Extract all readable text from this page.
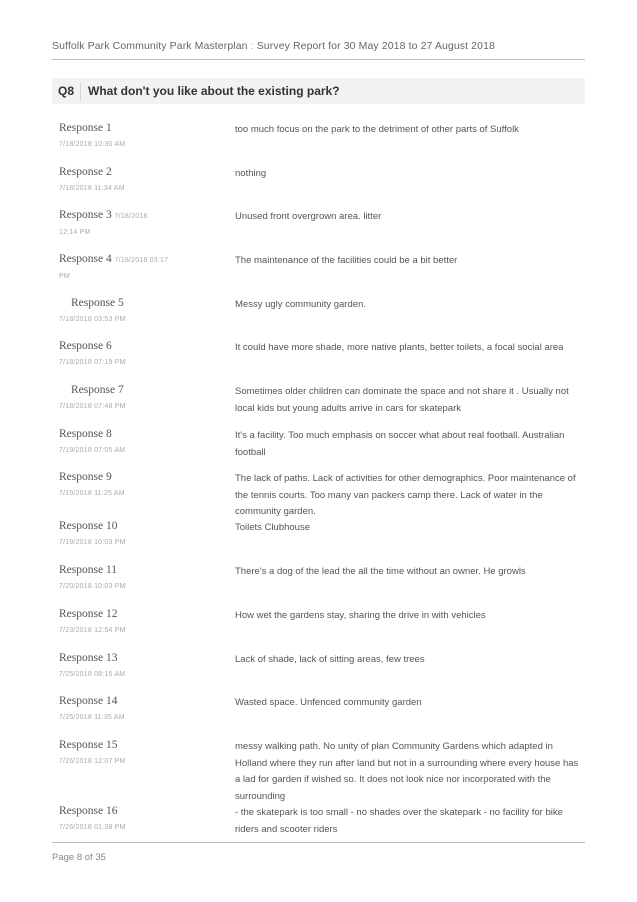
Suffolk Park Community Park Masterplan : Survey Report for 30 May 2018 to 27 August 2018
Q8	What don't you like about the existing park?
Response 1
7/18/2018 10:30 AM
too much focus on the park to the detriment of other parts of Suffolk
Response 2
7/18/2018 11:34 AM
nothing
Response 3 7/18/2018 12:14 PM
Unused front overgrown area. litter
Response 4 7/18/2018 03:17 PM
The maintenance of the facilities could be a bit better
Response 5
7/18/2018 03:53 PM
Messy ugly community garden.
Response 6
7/18/2018 07:19 PM
It could have more shade, more native plants, better toilets, a focal social area
Response 7
7/18/2018 07:48 PM
Sometimes older children can dominate the space and not share it . Usually not local kids but young adults arrive in cars for skatepark
Response 8
7/19/2018 07:05 AM
It's a facility. Too much emphasis on soccer what about real football. Australian football
Response 9
7/19/2018 11:25 AM
The lack of paths. Lack of activities for other demographics. Poor maintenance of the tennis courts. Too many van packers camp there. Lack of water in the community garden.
Response 10
7/19/2018 10:03 PM
Toilets Clubhouse
Response 11
7/20/2018 10:03 PM
There's a dog of the lead the all the time without an owner. He growls
Response 12
7/23/2018 12:54 PM
How wet the gardens stay, sharing the drive in with vehicles
Response 13
7/25/2018 08:16 AM
Lack of shade, lack of sitting areas, few trees
Response 14
7/25/2018 11:35 AM
Wasted space. Unfenced community garden
Response 15
7/26/2018 12:07 PM
messy walking path. No unity of plan Community Gardens which adapted in Holland where they run after land but not in a surrounding where every house has a lad for garden if wished so. It does not look nice nor incorporated with the surrounding
Response 16
7/26/2018 01:38 PM
- the skatepark is too small - no shades over the skatepark - no facility for bike riders and scooter riders
Page 8 of 35
